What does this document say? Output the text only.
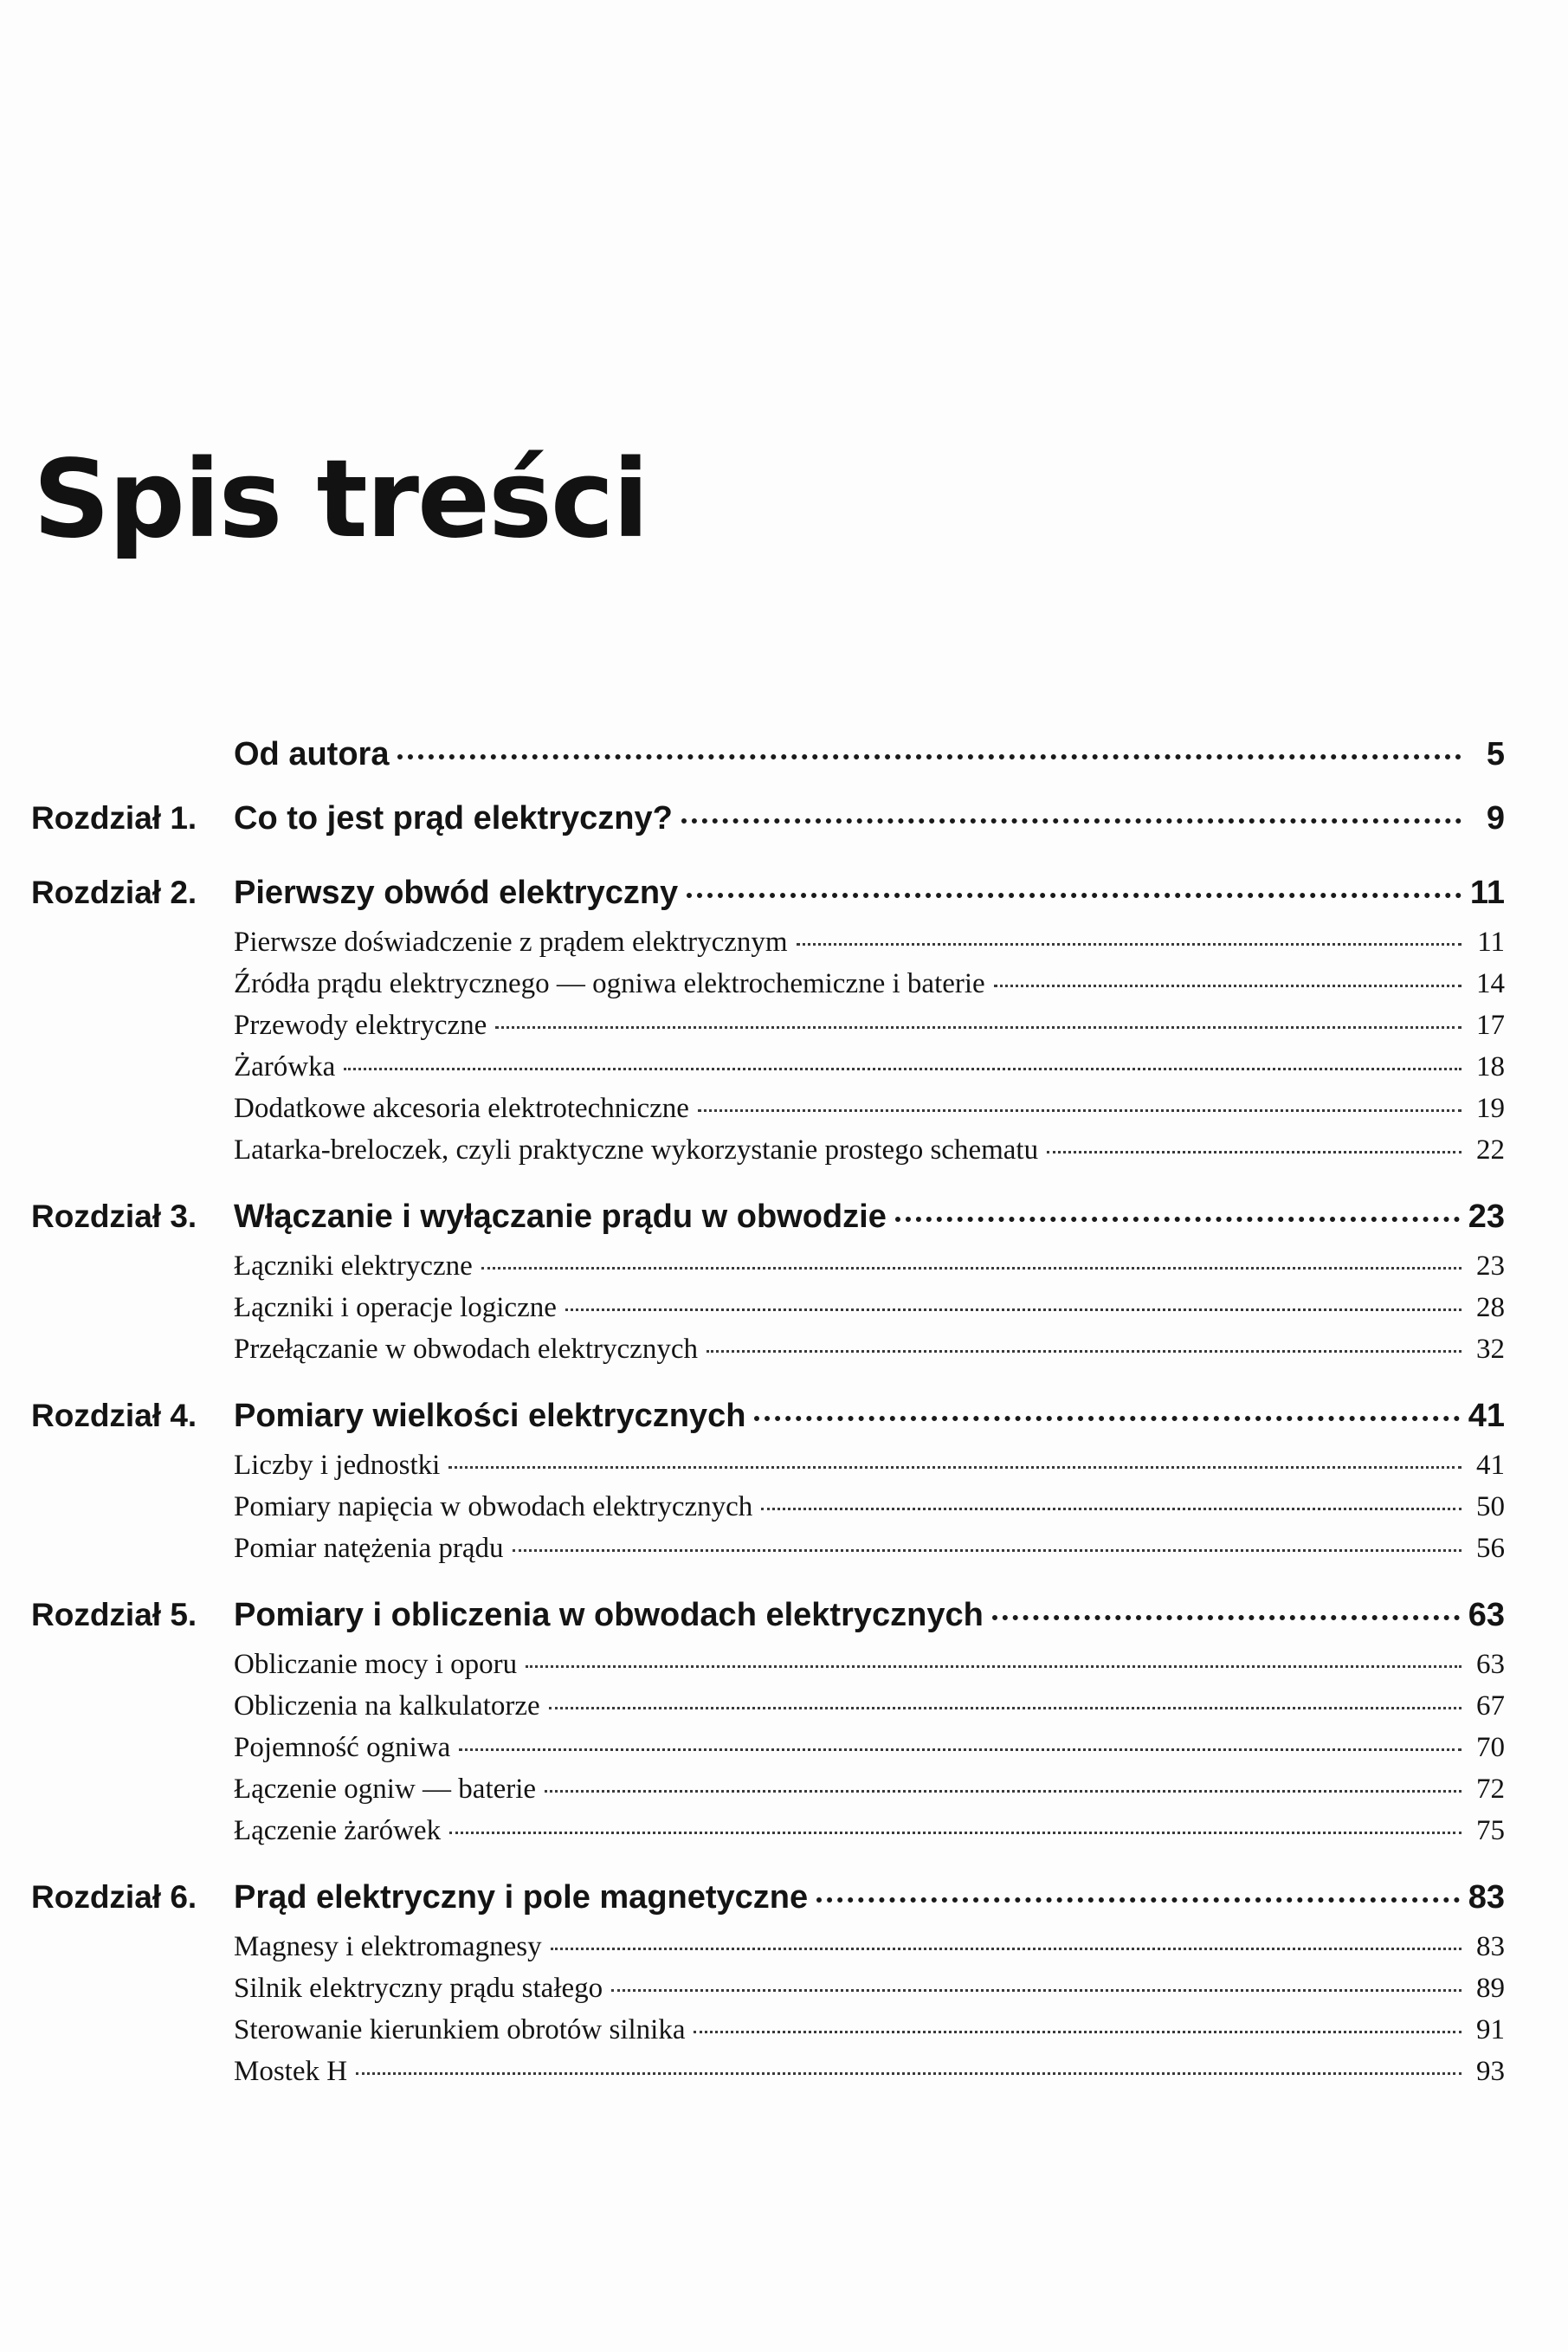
Spis treści
Od autora	5
Rozdział 1.	Co to jest prąd elektryczny?	9
Rozdział 2.	Pierwszy obwód elektryczny	11
Pierwsze doświadczenie z prądem elektrycznym	11
Źródła prądu elektrycznego — ogniwa elektrochemiczne i baterie	14
Przewody elektryczne	17
Żarówka	18
Dodatkowe akcesoria elektrotechniczne	19
Latarka-breloczek, czyli praktyczne wykorzystanie prostego schematu	22
Rozdział 3.	Włączanie i wyłączanie prądu w obwodzie	23
Łączniki elektryczne	23
Łączniki i operacje logiczne	28
Przełączanie w obwodach elektrycznych	32
Rozdział 4.	Pomiary wielkości elektrycznych	41
Liczby i jednostki	41
Pomiary napięcia w obwodach elektrycznych	50
Pomiar natężenia prądu	56
Rozdział 5.	Pomiary i obliczenia w obwodach elektrycznych	63
Obliczanie mocy i oporu	63
Obliczenia na kalkulatorze	67
Pojemność ogniwa	70
Łączenie ogniw — baterie	72
Łączenie żarówek	75
Rozdział 6.	Prąd elektryczny i pole magnetyczne	83
Magnesy i elektromagnesy	83
Silnik elektryczny prądu stałego	89
Sterowanie kierunkiem obrotów silnika	91
Mostek H	93
